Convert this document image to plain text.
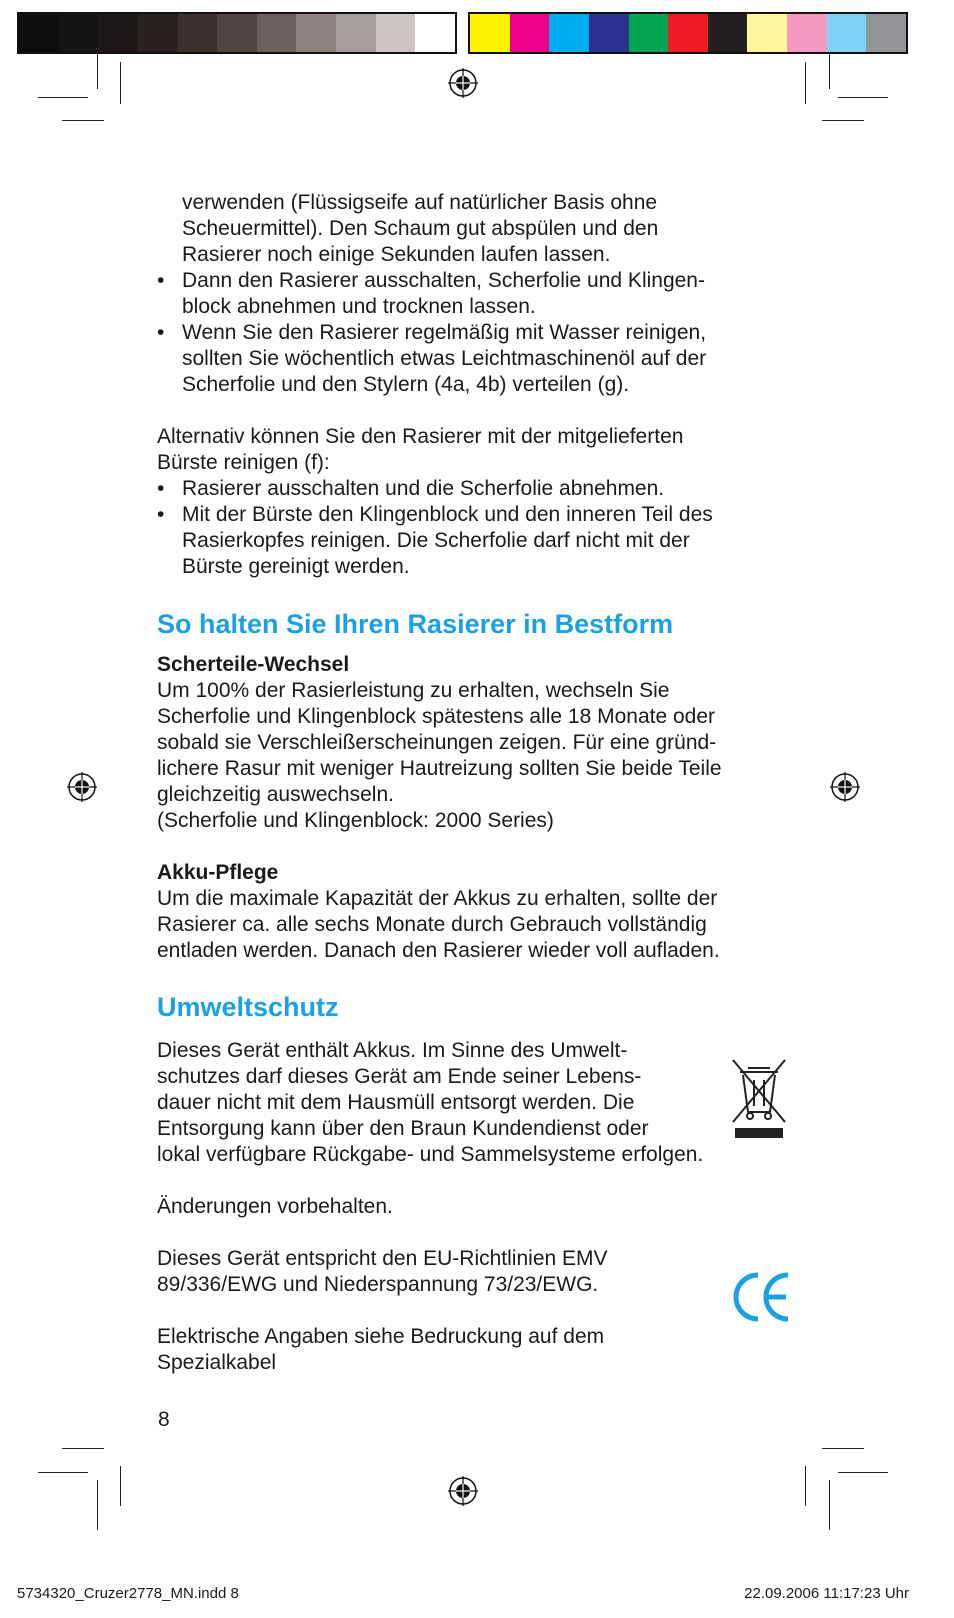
verwenden (Flüssigseife auf natürlicher Basis ohne
Scheuermittel). Den Schaum gut abspülen und den
Rasierer noch einige Sekunden laufen lassen.
• Dann den Rasierer ausschalten, Scherfolie und Klingen-
block abnehmen und trocknen lassen.
• Wenn Sie den Rasierer regelmäßig mit Wasser reinigen,
sollten Sie wöchentlich etwas Leichtmaschinenöl auf der
Scherfolie und den Stylern (4a, 4b) verteilen (g).
Alternativ können Sie den Rasierer mit der mitgelieferten
Bürste reinigen (f):
• Rasierer ausschalten und die Scherfolie abnehmen.
• Mit der Bürste den Klingenblock und den inneren Teil des
Rasierkopfes reinigen. Die Scherfolie darf nicht mit der
Bürste gereinigt werden.
So halten Sie Ihren Rasierer in Bestform
Scherteile-Wechsel
Um 100% der Rasierleistung zu erhalten, wechseln Sie
Scherfolie und Klingenblock spätestens alle 18 Monate oder
sobald sie Verschleißerscheinungen zeigen. Für eine gründ-
lichere Rasur mit weniger Hautreizung sollten Sie beide Teile
gleichzeitig auswechseln.
(Scherfolie und Klingenblock: 2000 Series)
Akku-Pflege
Um die maximale Kapazität der Akkus zu erhalten, sollte der
Rasierer ca. alle sechs Monate durch Gebrauch vollständig
entladen werden. Danach den Rasierer wieder voll aufladen.
Umweltschutz
Dieses Gerät enthält Akkus. Im Sinne des Umwelt-
schutzes darf dieses Gerät am Ende seiner Lebens-
dauer nicht mit dem Hausmüll entsorgt werden. Die
Entsorgung kann über den Braun Kundendienst oder
lokal verfügbare Rückgabe- und Sammelsysteme erfolgen.
Änderungen vorbehalten.
Dieses Gerät entspricht den EU-Richtlinien EMV
89/336/EWG und Niederspannung 73/23/EWG.
Elektrische Angaben siehe Bedruckung auf dem
Spezialkabel
8
5734320_Cruzer2778_MN.indd 8	22.09.2006 11:17:23 Uhr
